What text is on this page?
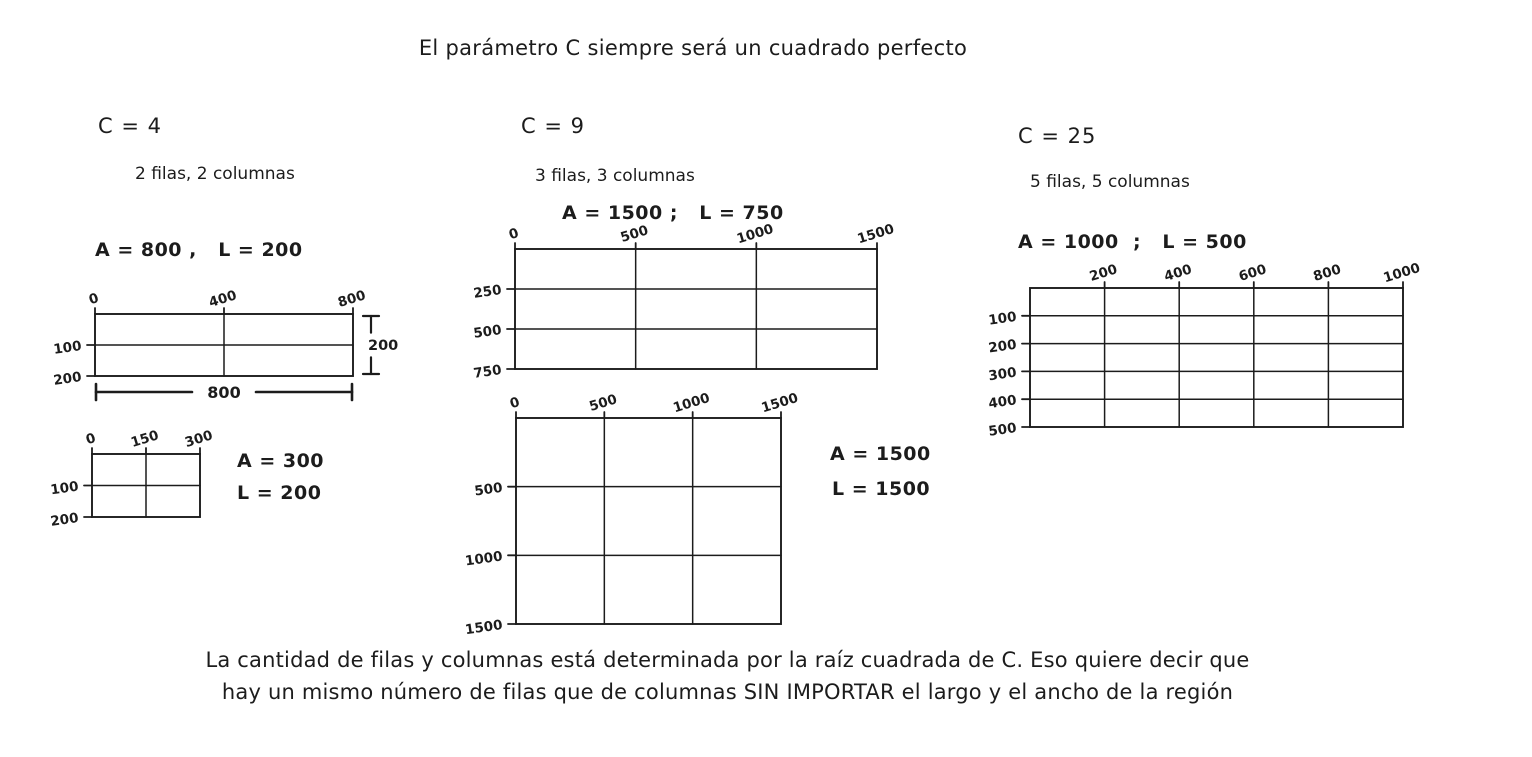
El parámetro C siempre será un cuadrado perfecto
C = 4
2 filas, 2 columnas
A = 800 ,   L = 200
0	400	800
100
200
200
800
0 150 300
100
200
A = 300
L = 200
C = 9
3 filas, 3 columnas
A = 1500 ;   L = 750
0	500	1000	1500
250
500
750
0	500	1000	1500
500
1000
1500
A = 1500
L = 1500
C = 25
5 filas, 5 columnas
A = 1000  ;   L = 500
200	400	600	800	1000
100
200
300
400
500
La cantidad de filas y columnas está determinada por la raíz cuadrada de C. Eso quiere decir que
hay un mismo número de filas que de columnas SIN IMPORTAR el largo y el ancho de la región
